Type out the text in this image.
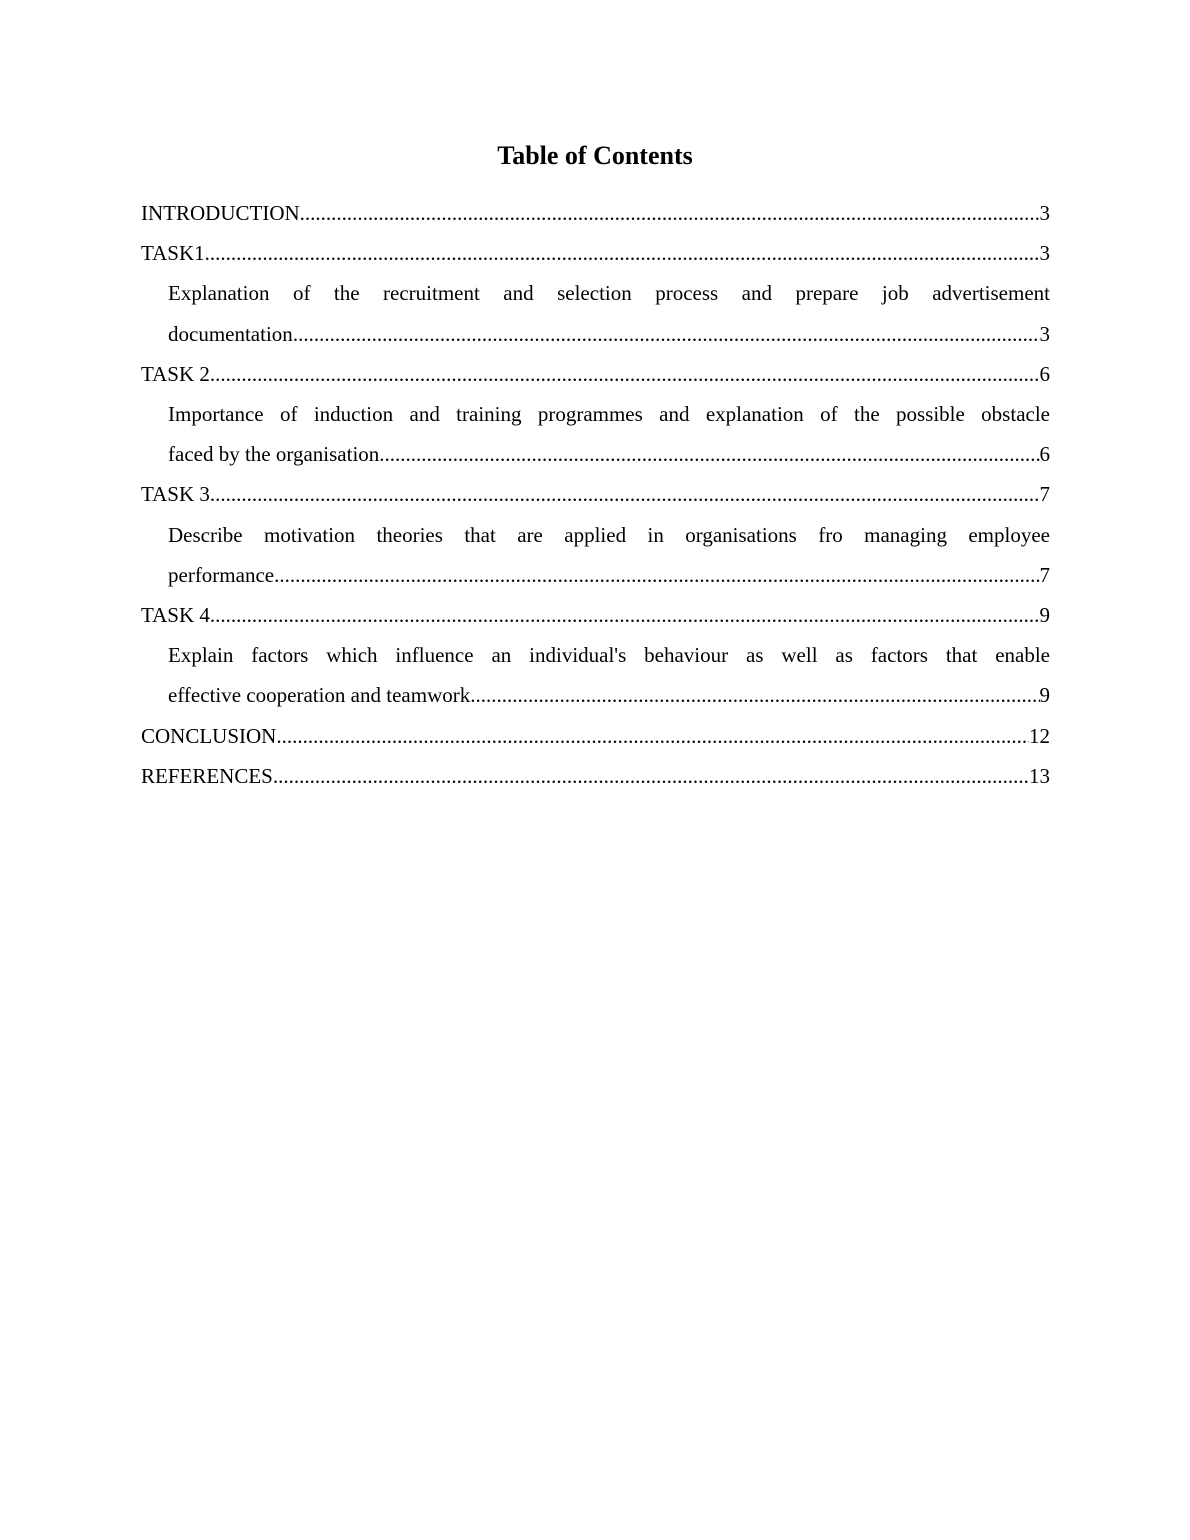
Table of Contents
INTRODUCTION .....	3
TASK1 .....	3
Explanation of the recruitment and selection process and prepare job advertisement
documentation .....	3
TASK 2 .....	6
Importance of induction and training programmes and explanation of the possible obstacle
faced by the organisation .....	6
TASK 3 .....	7
Describe motivation theories that are applied in organisations fro managing employee
performance .....	7
TASK 4 .....	9
Explain factors which influence an individual's behaviour as well as factors that enable
effective cooperation and teamwork .....	9
CONCLUSION .....	12
REFERENCES .....	13
